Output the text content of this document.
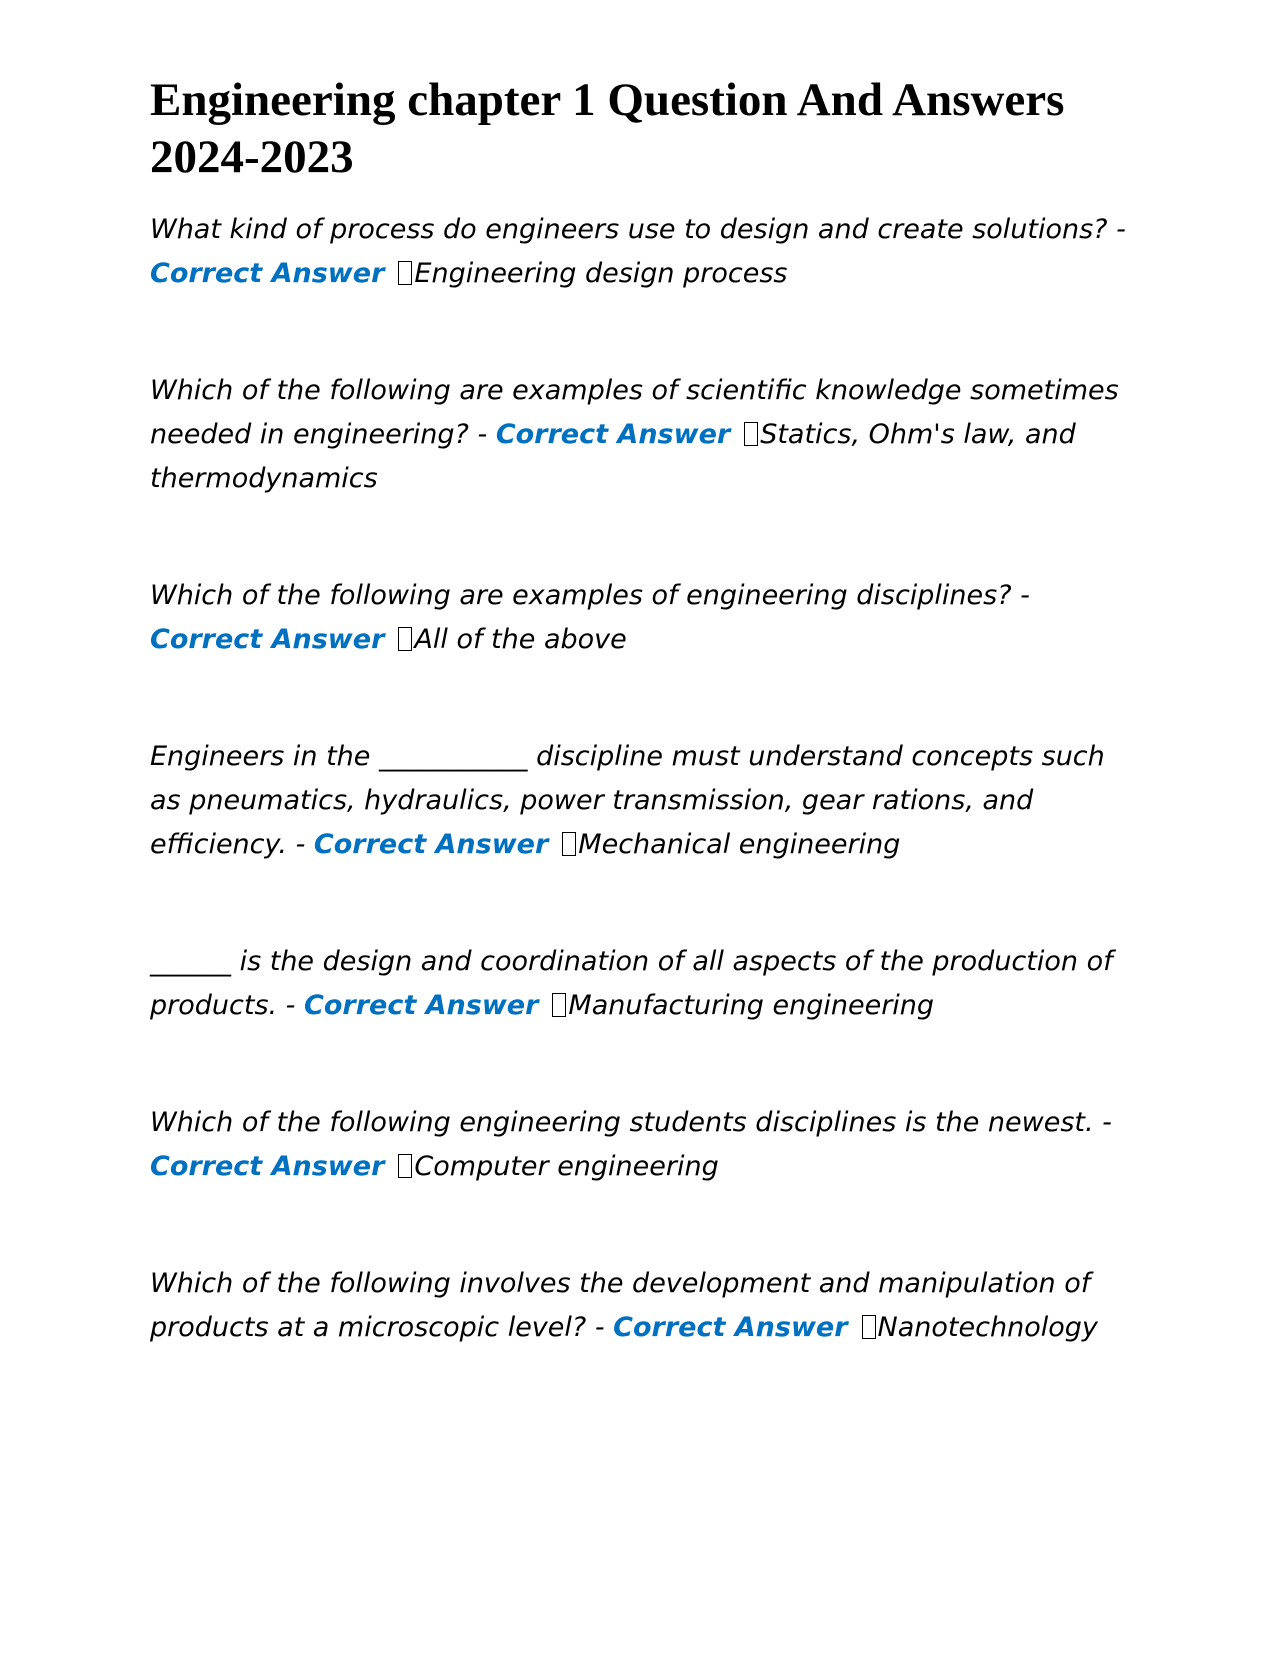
Engineering chapter 1 Question And Answers 2024-2023
What kind of process do engineers use to design and create solutions? - Correct Answer Engineering design process
Which of the following are examples of scientific knowledge sometimes needed in engineering? - Correct Answer Statics, Ohm's law, and thermodynamics
Which of the following are examples of engineering disciplines? - Correct Answer All of the above
Engineers in the ___________ discipline must understand concepts such as pneumatics, hydraulics, power transmission, gear rations, and efficiency. - Correct Answer Mechanical engineering
______ is the design and coordination of all aspects of the production of products. - Correct Answer Manufacturing engineering
Which of the following engineering students disciplines is the newest. - Correct Answer Computer engineering
Which of the following involves the development and manipulation of products at a microscopic level? - Correct Answer Nanotechnology
